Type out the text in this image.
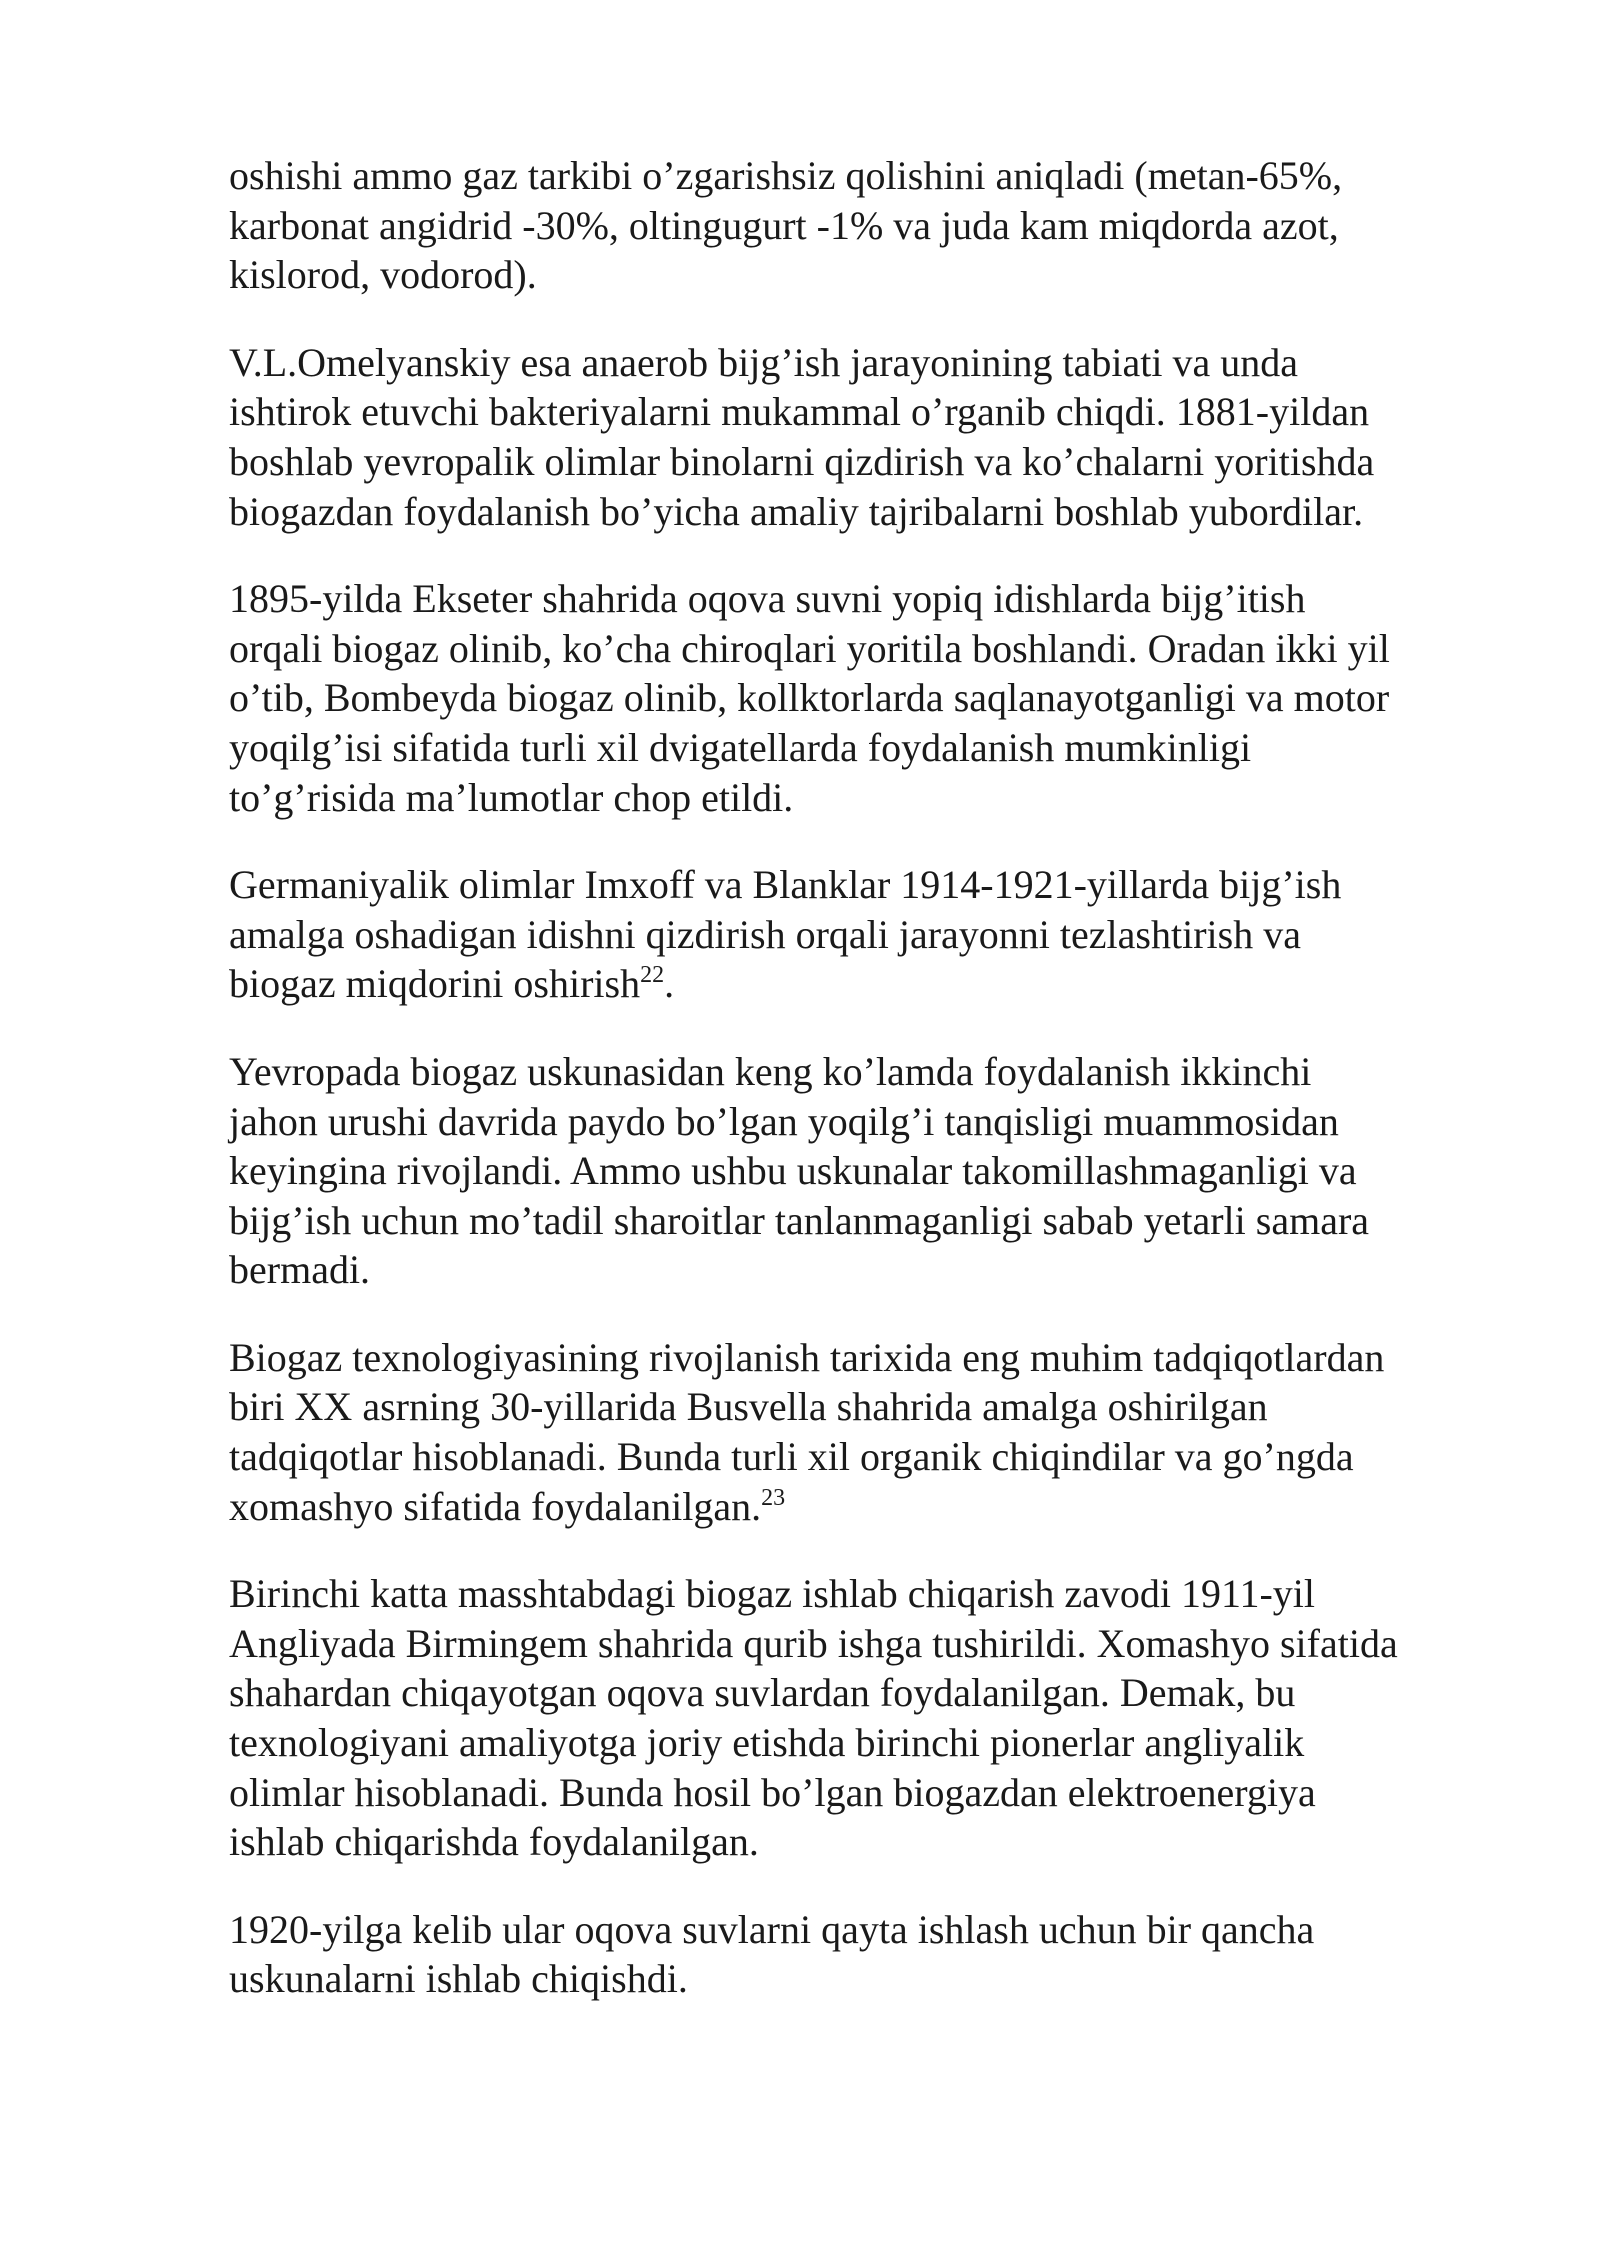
oshishi ammo gaz tarkibi o’zgarishsiz qolishini aniqladi (metan-65%,
karbonat angidrid -30%, oltingugurt -1% va juda kam miqdorda azot,
kislorod, vodorod).

V.L.Omelyanskiy esa anaerob bijg’ish jarayonining tabiati va unda
ishtirok etuvchi bakteriyalarni mukammal o’rganib chiqdi. 1881-yildan
boshlab yevropalik olimlar binolarni qizdirish va ko’chalarni yoritishda
biogazdan foydalanish bo’yicha amaliy tajribalarni boshlab yubordilar.

1895-yilda Ekseter shahrida oqova suvni yopiq idishlarda bijg’itish
orqali biogaz olinib, ko’cha chiroqlari yoritila boshlandi. Oradan ikki yil
o’tib, Bombeyda biogaz olinib, kollktorlarda saqlanayotganligi va motor
yoqilg’isi sifatida turli xil dvigatellarda foydalanish mumkinligi
to’g’risida ma’lumotlar chop etildi.

Germaniyalik olimlar Imxoff va Blanklar 1914-1921-yillarda bijg’ish
amalga oshadigan idishni qizdirish orqali jarayonni tezlashtirish va
biogaz miqdorini oshirish$^{22}$.

Yevropada biogaz uskunasidan keng ko’lamda foydalanish ikkinchi
jahon urushi davrida paydo bo’lgan yoqilg’i tanqisligi muammosidan
keyingina rivojlandi. Ammo ushbu uskunalar takomillashmaganligi va
bijg’ish uchun mo’tadil sharoitlar tanlanmaganligi sabab yetarli samara
bermadi.

Biogaz texnologiyasining rivojlanish tarixida eng muhim tadqiqotlardan
biri XX asrning 30-yillarida Busvella shahrida amalga oshirilgan
tadqiqotlar hisoblanadi. Bunda turli xil organik chiqindilar va go’ngda
xomashyo sifatida foydalanilgan.$^{23}$

Birinchi katta masshtabdagi biogaz ishlab chiqarish zavodi 1911-yil
Angliyada Birmingem shahrida qurib ishga tushirildi. Xomashyo sifatida
shahardan chiqayotgan oqova suvlardan foydalanilgan. Demak, bu
texnologiyani amaliyotga joriy etishda birinchi pionerlar angliyalik
olimlar hisoblanadi. Bunda hosil bo’lgan biogazdan elektroenergiya
ishlab chiqarishda foydalanilgan.

1920-yilga kelib ular oqova suvlarni qayta ishlash uchun bir qancha
uskunalarni ishlab chiqishdi.
